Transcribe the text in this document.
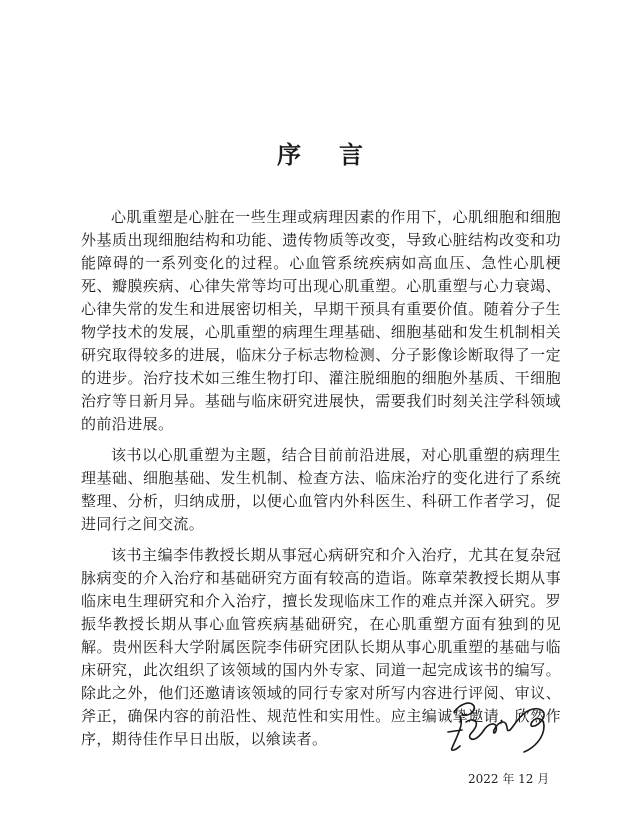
序言

心肌重塑是心脏在一些生理或病理因素的作用下，心肌细胞和细胞外基质出现细胞结构和功能、遗传物质等改变，导致心脏结构改变和功能障碍的一系列变化的过程。心血管系统疾病如高血压、急性心肌梗死、瓣膜疾病、心律失常等均可出现心肌重塑。心肌重塑与心力衰竭、心律失常的发生和进展密切相关，早期干预具有重要价值。随着分子生物学技术的发展，心肌重塑的病理生理基础、细胞基础和发生机制相关研究取得较多的进展，临床分子标志物检测、分子影像诊断取得了一定的进步。治疗技术如三维生物打印、灌注脱细胞的细胞外基质、干细胞治疗等日新月异。基础与临床研究进展快，需要我们时刻关注学科领域的前沿进展。

该书以心肌重塑为主题，结合目前前沿进展，对心肌重塑的病理生理基础、细胞基础、发生机制、检查方法、临床治疗的变化进行了系统整理、分析，归纳成册，以便心血管内外科医生、科研工作者学习，促进同行之间交流。

该书主编李伟教授长期从事冠心病研究和介入治疗，尤其在复杂冠脉病变的介入治疗和基础研究方面有较高的造诣。陈章荣教授长期从事临床电生理研究和介入治疗，擅长发现临床工作的难点并深入研究。罗振华教授长期从事心血管疾病基础研究，在心肌重塑方面有独到的见解。贵州医科大学附属医院李伟研究团队长期从事心肌重塑的基础与临床研究，此次组织了该领域的国内外专家、同道一起完成该书的编写。除此之外，他们还邀请该领域的同行专家对所写内容进行评阅、审议、斧正，确保内容的前沿性、规范性和实用性。应主编诚挚邀请，欣然作序，期待佳作早日出版，以飨读者。

2022 年 12 月
